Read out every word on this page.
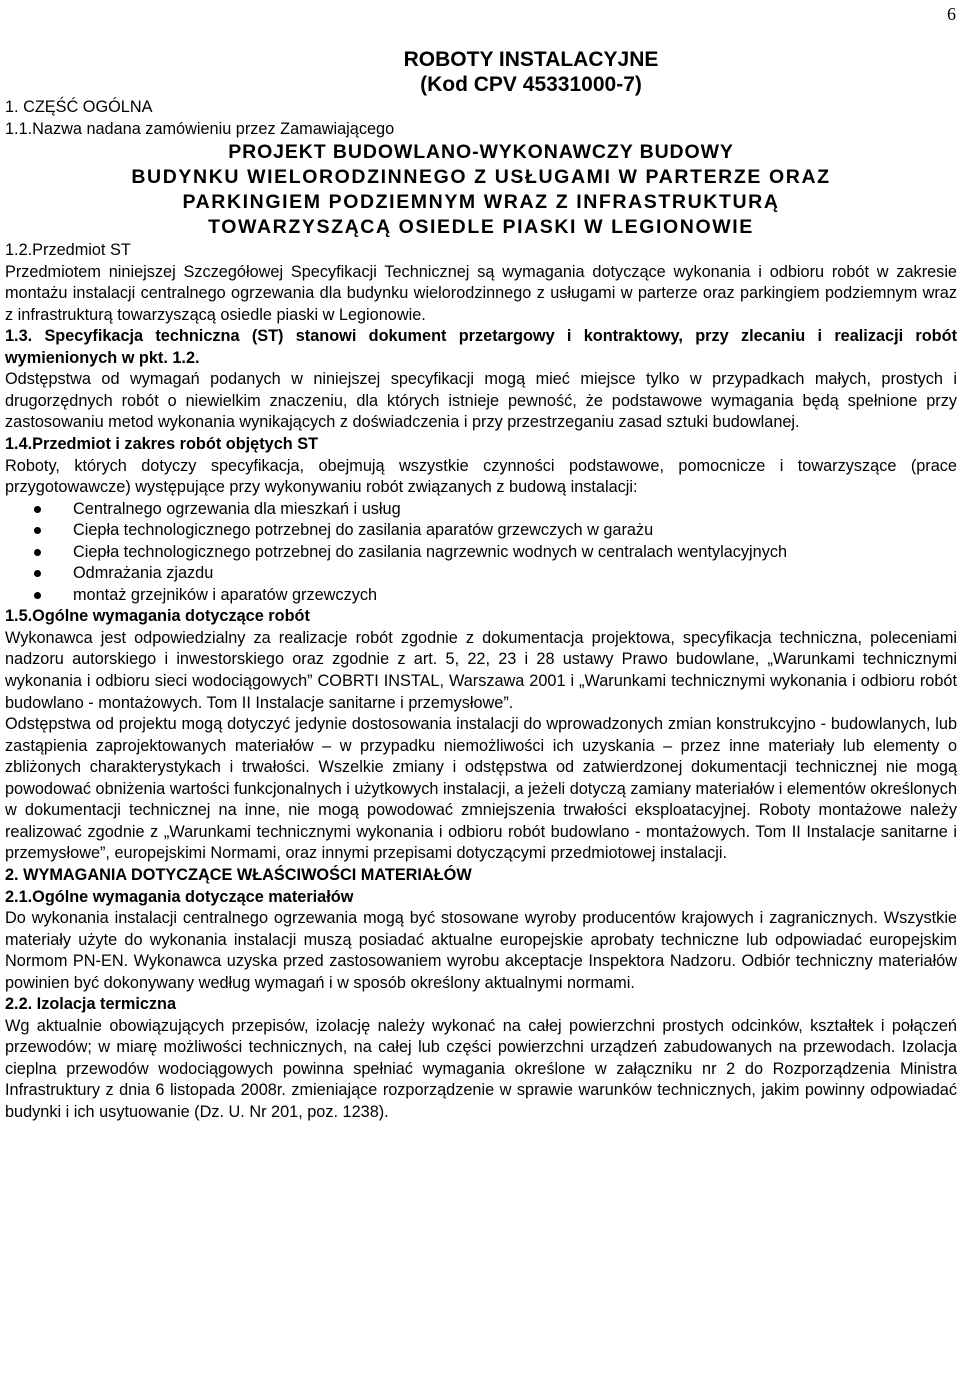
6
ROBOTY INSTALACYJNE
(Kod CPV 45331000-7)
1. CZĘŚĆ OGÓLNA
1.1.Nazwa nadana zamówieniu przez Zamawiającego
PROJEKT BUDOWLANO-WYKONAWCZY BUDOWY
BUDYNKU WIELORODZINNEGO Z USŁUGAMI W PARTERZE ORAZ
PARKINGIEM PODZIEMNYM WRAZ Z INFRASTRUKTURĄ
TOWARZYSZĄCĄ OSIEDLE PIASKI W LEGIONOWIE
1.2.Przedmiot ST

Przedmiotem niniejszej Szczegółowej Specyfikacji Technicznej są wymagania dotyczące wykonania i odbioru robót w zakresie montażu instalacji centralnego ogrzewania dla budynku wielorodzinnego z usługami w parterze oraz parkingiem podziemnym wraz z infrastrukturą towarzyszącą osiedle piaski w Legionowie.

1.3. Specyfikacja techniczna (ST) stanowi dokument przetargowy i kontraktowy, przy zlecaniu i realizacji robót wymienionych w pkt. 1.2.

Odstępstwa od wymagań podanych w niniejszej specyfikacji mogą mieć miejsce tylko w przypadkach małych, prostych i drugorzędnych robót o niewielkim znaczeniu, dla których istnieje pewność, że podstawowe wymagania będą spełnione przy zastosowaniu metod wykonania wynikających z doświadczenia i przy przestrzeganiu zasad sztuki budowlanej.

1.4.Przedmiot i zakres robót objętych ST

Roboty, których dotyczy specyfikacja, obejmują wszystkie czynności podstawowe, pomocnicze i towarzyszące (prace przygotowawcze) występujące przy wykonywaniu robót związanych z budową instalacji:

Centralnego ogrzewania dla mieszkań i usług
Ciepła technologicznego potrzebnej do zasilania aparatów grzewczych w garażu
Ciepła technologicznego potrzebnej do zasilania nagrzewnic wodnych w centralach wentylacyjnych
Odmrażania zjazdu
montaż grzejników i aparatów grzewczych
1.5.Ogólne wymagania dotyczące robót

Wykonawca jest odpowiedzialny za realizacje robót zgodnie z dokumentacja projektowa, specyfikacja techniczna, poleceniami nadzoru autorskiego i inwestorskiego oraz zgodnie z art. 5, 22, 23 i 28 ustawy Prawo budowlane, „Warunkami technicznymi wykonania i odbioru sieci wodociągowych” COBRTI INSTAL, Warszawa 2001 i „Warunkami technicznymi wykonania i odbioru robót budowlano - montażowych. Tom II Instalacje sanitarne i przemysłowe”.

Odstępstwa od projektu mogą dotyczyć jedynie dostosowania instalacji do wprowadzonych zmian konstrukcyjno - budowlanych, lub zastąpienia zaprojektowanych materiałów – w przypadku niemożliwości ich uzyskania – przez inne materiały lub elementy o zbliżonych charakterystykach i trwałości. Wszelkie zmiany i odstępstwa od zatwierdzonej dokumentacji technicznej nie mogą powodować obniżenia wartości funkcjonalnych i użytkowych instalacji, a jeżeli dotyczą zamiany materiałów i elementów określonych w dokumentacji technicznej na inne, nie mogą powodować zmniejszenia trwałości eksploatacyjnej. Roboty montażowe należy realizować zgodnie z „Warunkami technicznymi wykonania i odbioru robót budowlano - montażowych. Tom II Instalacje sanitarne i przemysłowe”, europejskimi Normami, oraz innymi przepisami dotyczącymi przedmiotowej instalacji.

2. WYMAGANIA DOTYCZĄCE WŁAŚCIWOŚCI MATERIAŁÓW
2.1.Ogólne wymagania dotyczące materiałów

Do wykonania instalacji centralnego ogrzewania mogą być stosowane wyroby producentów krajowych i zagranicznych. Wszystkie materiały użyte do wykonania instalacji muszą posiadać aktualne europejskie aprobaty techniczne lub odpowiadać europejskim Normom PN-EN. Wykonawca uzyska przed zastosowaniem wyrobu akceptacje Inspektora Nadzoru. Odbiór techniczny materiałów powinien być dokonywany według wymagań i w sposób określony aktualnymi normami.

2.2. Izolacja termiczna

Wg aktualnie obowiązujących przepisów, izolację należy wykonać na całej powierzchni prostych odcinków, kształtek i połączeń przewodów; w miarę możliwości technicznych, na całej lub części powierzchni urządzeń zabudowanych na przewodach. Izolacja cieplna przewodów wodociągowych powinna spełniać wymagania określone w załączniku nr 2 do Rozporządzenia Ministra Infrastruktury z dnia 6 listopada 2008r. zmieniające rozporządzenie w sprawie warunków technicznych, jakim powinny odpowiadać budynki i ich usytuowanie (Dz. U. Nr 201, poz. 1238).
